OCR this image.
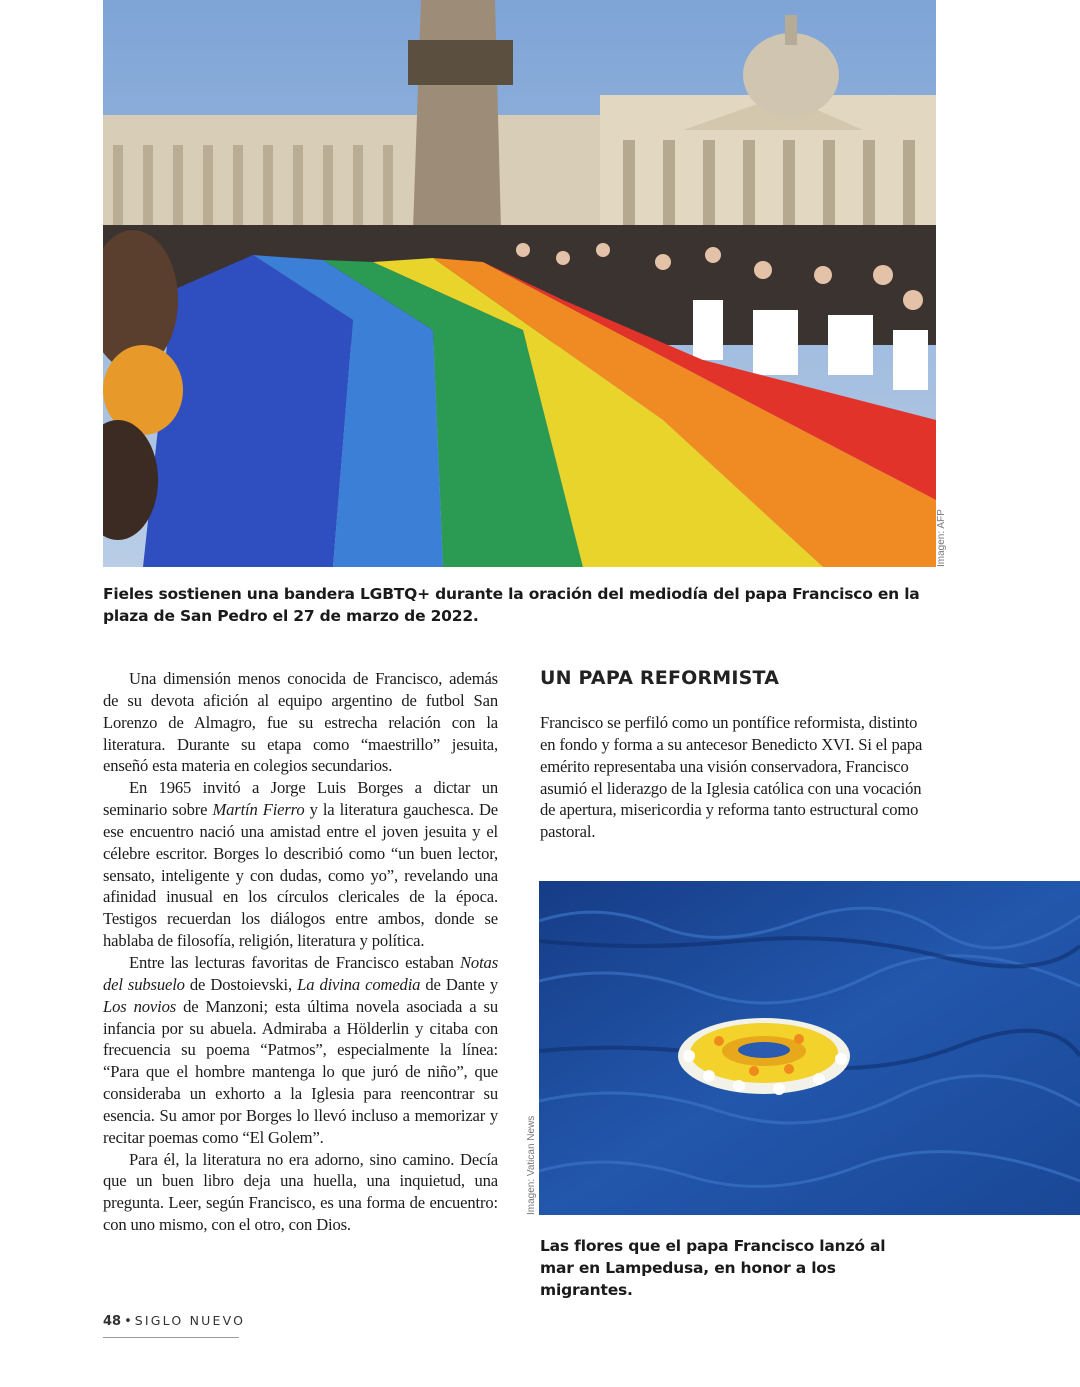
Imagen: AFP
Fieles sostienen una bandera LGBTQ+ durante la oración del mediodía del papa Francisco en la plaza de San Pedro el 27 de marzo de 2022.

Una dimensión menos conocida de Francisco, además de su devota afición al equipo argentino de futbol San Lorenzo de Almagro, fue su estrecha relación con la literatura. Durante su etapa como “maestrillo” jesuita, enseñó esta materia en colegios secundarios.

En 1965 invitó a Jorge Luis Borges a dictar un seminario sobre Martín Fierro y la literatura gauchesca. De ese encuentro nació una amistad entre el joven jesuita y el célebre escritor. Borges lo describió como “un buen lector, sensato, inteligente y con dudas, como yo”, revelando una afinidad inusual en los círculos clericales de la época. Testigos recuerdan los diálogos entre ambos, donde se hablaba de filosofía, religión, literatura y política.

Entre las lecturas favoritas de Francisco estaban Notas del subsuelo de Dostoievski, La divina comedia de Dante y Los novios de Manzoni; esta última novela asociada a su infancia por su abuela. Admiraba a Hölderlin y citaba con frecuencia su poema “Patmos”, especialmente la línea: “Para que el hombre mantenga lo que juró de niño”, que consideraba un exhorto a la Iglesia para reencontrar su esencia. Su amor por Borges lo llevó incluso a memorizar y recitar poemas como “El Golem”.

Para él, la literatura no era adorno, sino camino. Decía que un buen libro deja una huella, una inquietud, una pregunta. Leer, según Francisco, es una forma de encuentro: con uno mismo, con el otro, con Dios.

UN PAPA REFORMISTA

Francisco se perfiló como un pontífice reformista, distinto en fondo y forma a su antecesor Benedicto XVI. Si el papa emérito representaba una visión conservadora, Francisco asumió el liderazgo de la Iglesia católica con una vocación de apertura, misericordia y reforma tanto estructural como pastoral.

Imagen: Vatican News
Las flores que el papa Francisco lanzó al mar en Lampedusa, en honor a los migrantes.
48 • SIGLO NUEVO
